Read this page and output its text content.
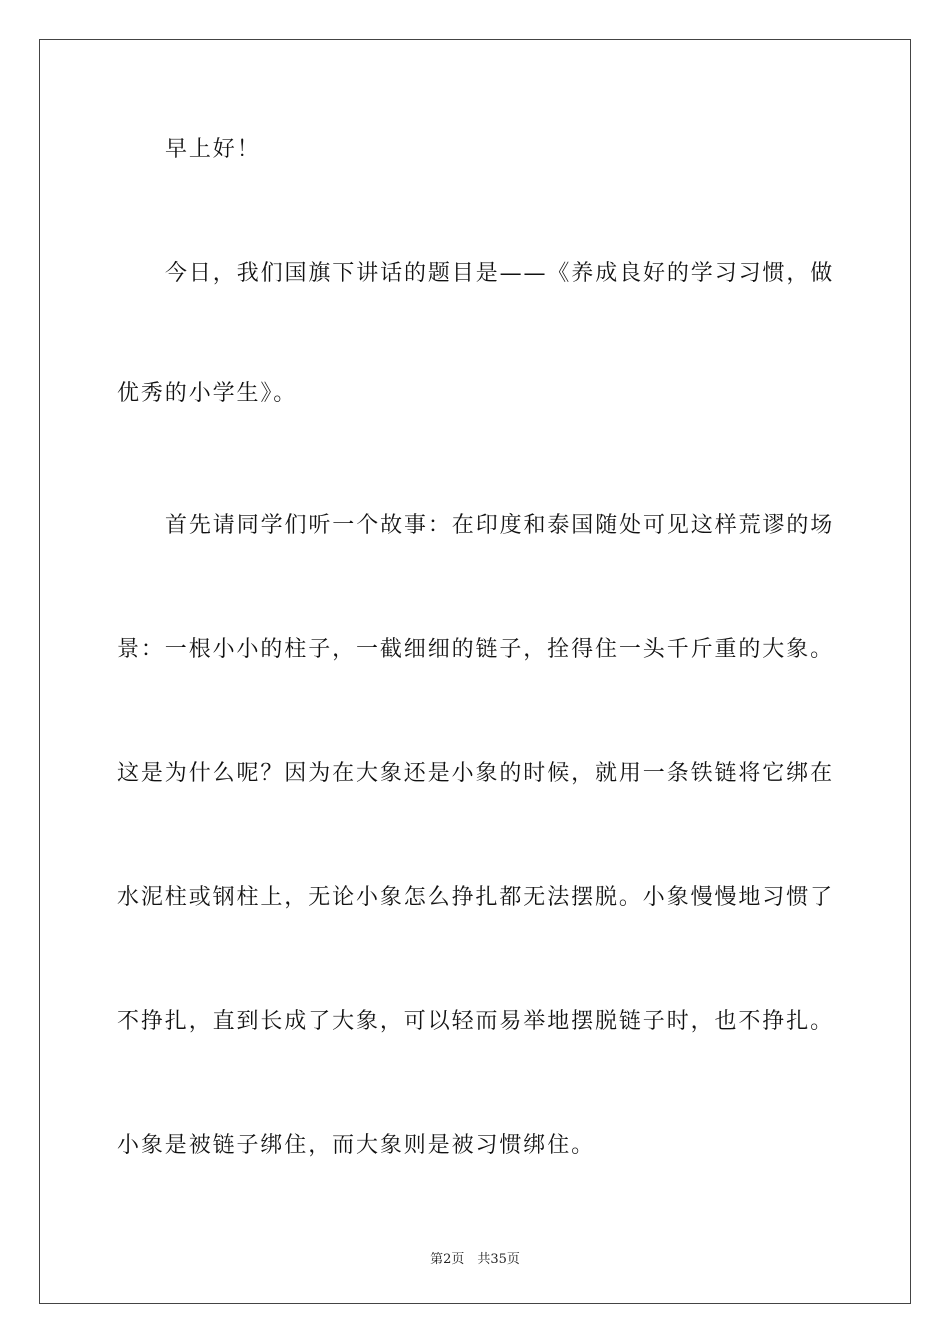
早上好！
今日，我们国旗下讲话的题目是——《养成良好的学习习惯，做
优秀的小学生》。
首先请同学们听一个故事：在印度和泰国随处可见这样荒谬的场
景：一根小小的柱子，一截细细的链子，拴得住一头千斤重的大象。
这是为什么呢？因为在大象还是小象的时候，就用一条铁链将它绑在
水泥柱或钢柱上，无论小象怎么挣扎都无法摆脱。小象慢慢地习惯了
不挣扎，直到长成了大象，可以轻而易举地摆脱链子时，也不挣扎。
小象是被链子绑住，而大象则是被习惯绑住。
第2页　共35页
